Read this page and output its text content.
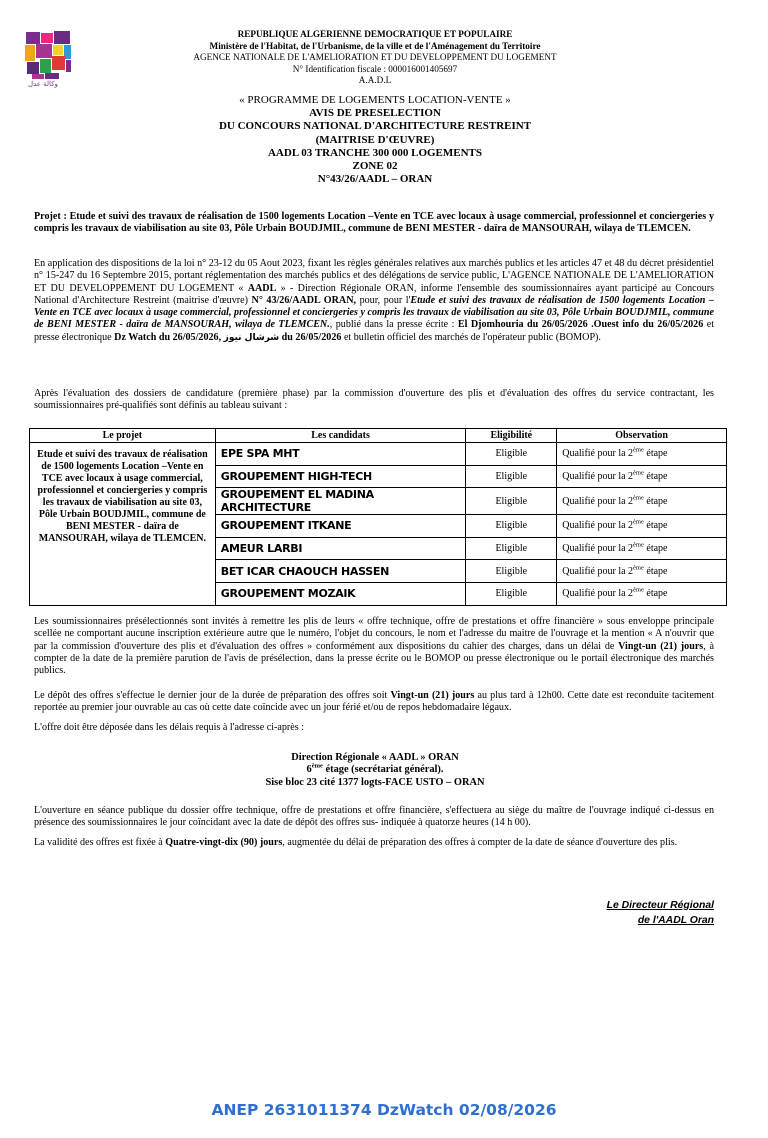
وكالة عدل
REPUBLIQUE ALGERIENNE DEMOCRATIQUE ET POPULAIRE
Ministère de l'Habitat, de l'Urbanisme, de la ville et de l'Aménagement du Territoire
AGENCE NATIONALE DE L'AMELIORATION ET DU DEVELOPPEMENT DU LOGEMENT
N° Identification fiscale : 000016001405697
A.A.D.L
« PROGRAMME DE LOGEMENTS LOCATION-VENTE »
AVIS DE PRESELECTION
DU CONCOURS NATIONAL D'ARCHITECTURE RESTREINT
(MAITRISE D'ŒUVRE)
AADL 03 TRANCHE 300 000 LOGEMENTS
ZONE 02
N°43/26/AADL – ORAN
Projet : Etude et suivi des travaux de réalisation de 1500 logements Location –Vente en TCE avec locaux à usage commercial, professionnel et conciergeries y compris les travaux de viabilisation au site 03, Pôle Urbain BOUDJMIL, commune de BENI MESTER - daïra de MANSOURAH, wilaya de TLEMCEN.
En application des dispositions de la loi n° 23-12 du 05 Aout 2023, fixant les règles générales relatives aux marchés publics et les articles 47 et 48 du décret présidentiel n° 15-247 du 16 Septembre 2015, portant réglementation des marchés publics et des délégations de service public, L'AGENCE NATIONALE DE L'AMELIORATION ET DU DEVELOPPEMENT DU LOGEMENT « AADL » - Direction Régionale ORAN, informe l'ensemble des soumissionnaires ayant participé au Concours National d'Architecture Restreint (maitrise d'œuvre) N° 43/26/AADL ORAN, pour, pour l'Etude et suivi des travaux de réalisation de 1500 logements Location –Vente en TCE avec locaux à usage commercial, professionnel et conciergeries y compris les travaux de viabilisation au site 03, Pôle Urbain BOUDJMIL, commune de BENI MESTER - daïra de MANSOURAH, wilaya de TLEMCEN., publié dans la presse écrite : El Djomhouria du 26/05/2026 .Ouest info du 26/05/2026 et presse électronique Dz Watch du 26/05/2026, شرشال نيوز du 26/05/2026 et bulletin officiel des marchés de l'opérateur public (BOMOP).
Après l'évaluation des dossiers de candidature (première phase) par la commission d'ouverture des plis et d'évaluation des offres du service contractant, les soumissionnaires pré-qualifiés sont définis au tableau suivant :
Le projet	Les candidats	Eligibilité	Observation
Etude et suivi des travaux de réalisation de 1500 logements Location –Vente en TCE avec locaux à usage commercial, professionnel et conciergeries y compris les travaux de viabilisation au site 03, Pôle Urbain BOUDJMIL, commune de BENI MESTER - daïra de MANSOURAH, wilaya de TLEMCEN.	EPE SPA MHT	Eligible	Qualifié pour la 2ème étape
	GROUPEMENT HIGH-TECH	Eligible	Qualifié pour la 2ème étape
	GROUPEMENT EL MADINA ARCHITECTURE	Eligible	Qualifié pour la 2ème étape
	GROUPEMENT ITKANE	Eligible	Qualifié pour la 2ème étape
	AMEUR LARBI	Eligible	Qualifié pour la 2ème étape
	BET ICAR CHAOUCH HASSEN	Eligible	Qualifié pour la 2ème étape
	GROUPEMENT MOZAIK	Eligible	Qualifié pour la 2ème étape
Les soumissionnaires présélectionnés sont invités à remettre les plis de leurs « offre technique, offre de prestations et offre financière » sous enveloppe principale scellée ne comportant aucune inscription extérieure autre que le numéro, l'objet du concours, le nom et l'adresse du maitre de l'ouvrage et la mention « A n'ouvrir que par la commission d'ouverture des plis et d'évaluation des offres » conformément aux dispositions du cahier des charges, dans un délai de Vingt-un (21) jours, à compter de la date de la première parution de l'avis de présélection, dans la presse écrite ou le BOMOP ou presse électronique ou le portail électronique des marchés publics.
Le dépôt des offres s'effectue le dernier jour de la durée de préparation des offres soit Vingt-un (21) jours au plus tard à 12h00. Cette date est reconduite tacitement reportée au premier jour ouvrable au cas où cette date coïncide avec un jour férié et/ou de repos hebdomadaire légaux.
L'offre doit être déposée dans les délais requis à l'adresse ci-après :
Direction Régionale « AADL » ORAN
6ème étage (secrétariat général).
Sise bloc 23 cité 1377 logts-FACE USTO – ORAN
L'ouverture en séance publique du dossier offre technique, offre de prestations et offre financière, s'effectuera au siège du maître de l'ouvrage indiqué ci-dessus en présence des soumissionnaires le jour coïncidant avec la date de dépôt des offres sus- indiquée à quatorze heures (14 h 00).
La validité des offres est fixée à Quatre-vingt-dix (90) jours, augmentée du délai de préparation des offres à compter de la date de séance d'ouverture des plis.
Le Directeur Régional
de l'AADL Oran
ANEP 2631011374 DzWatch 02/08/2026
